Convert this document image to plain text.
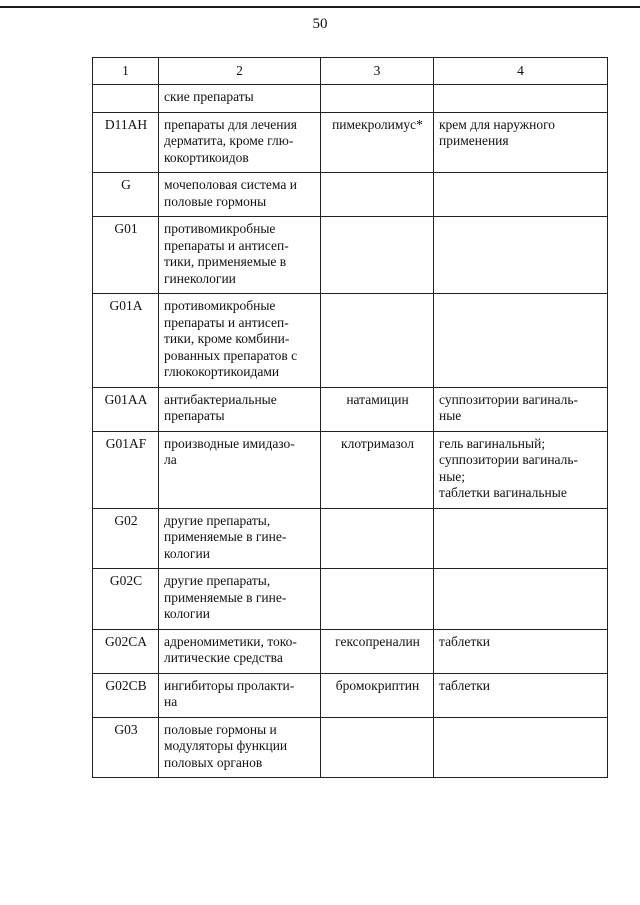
50
1	2	3	4
	ские препараты		
D11AH	препараты для лечения
дерматита, кроме глю-
кокортикоидов	пимекролимус*	крем для наружного
применения
G	мочеполовая система и
половые гормоны		
G01	противомикробные
препараты и антисеп-
тики, применяемые в
гинекологии		
G01A	противомикробные
препараты и антисеп-
тики, кроме комбини-
рованных препаратов с
глюкокортикоидами		
G01AA	антибактериальные
препараты	натамицин	суппозитории вагиналь-
ные
G01AF	производные имидазо-
ла	клотримазол	гель вагинальный;
суппозитории вагиналь-
ные;
таблетки вагинальные
G02	другие препараты,
применяемые в гине-
кологии		
G02C	другие препараты,
применяемые в гине-
кологии		
G02CA	адреномиметики, токо-
литические средства	гексопреналин	таблетки
G02CB	ингибиторы пролакти-
на	бромокриптин	таблетки
G03	половые гормоны и
модуляторы функции
половых органов		
